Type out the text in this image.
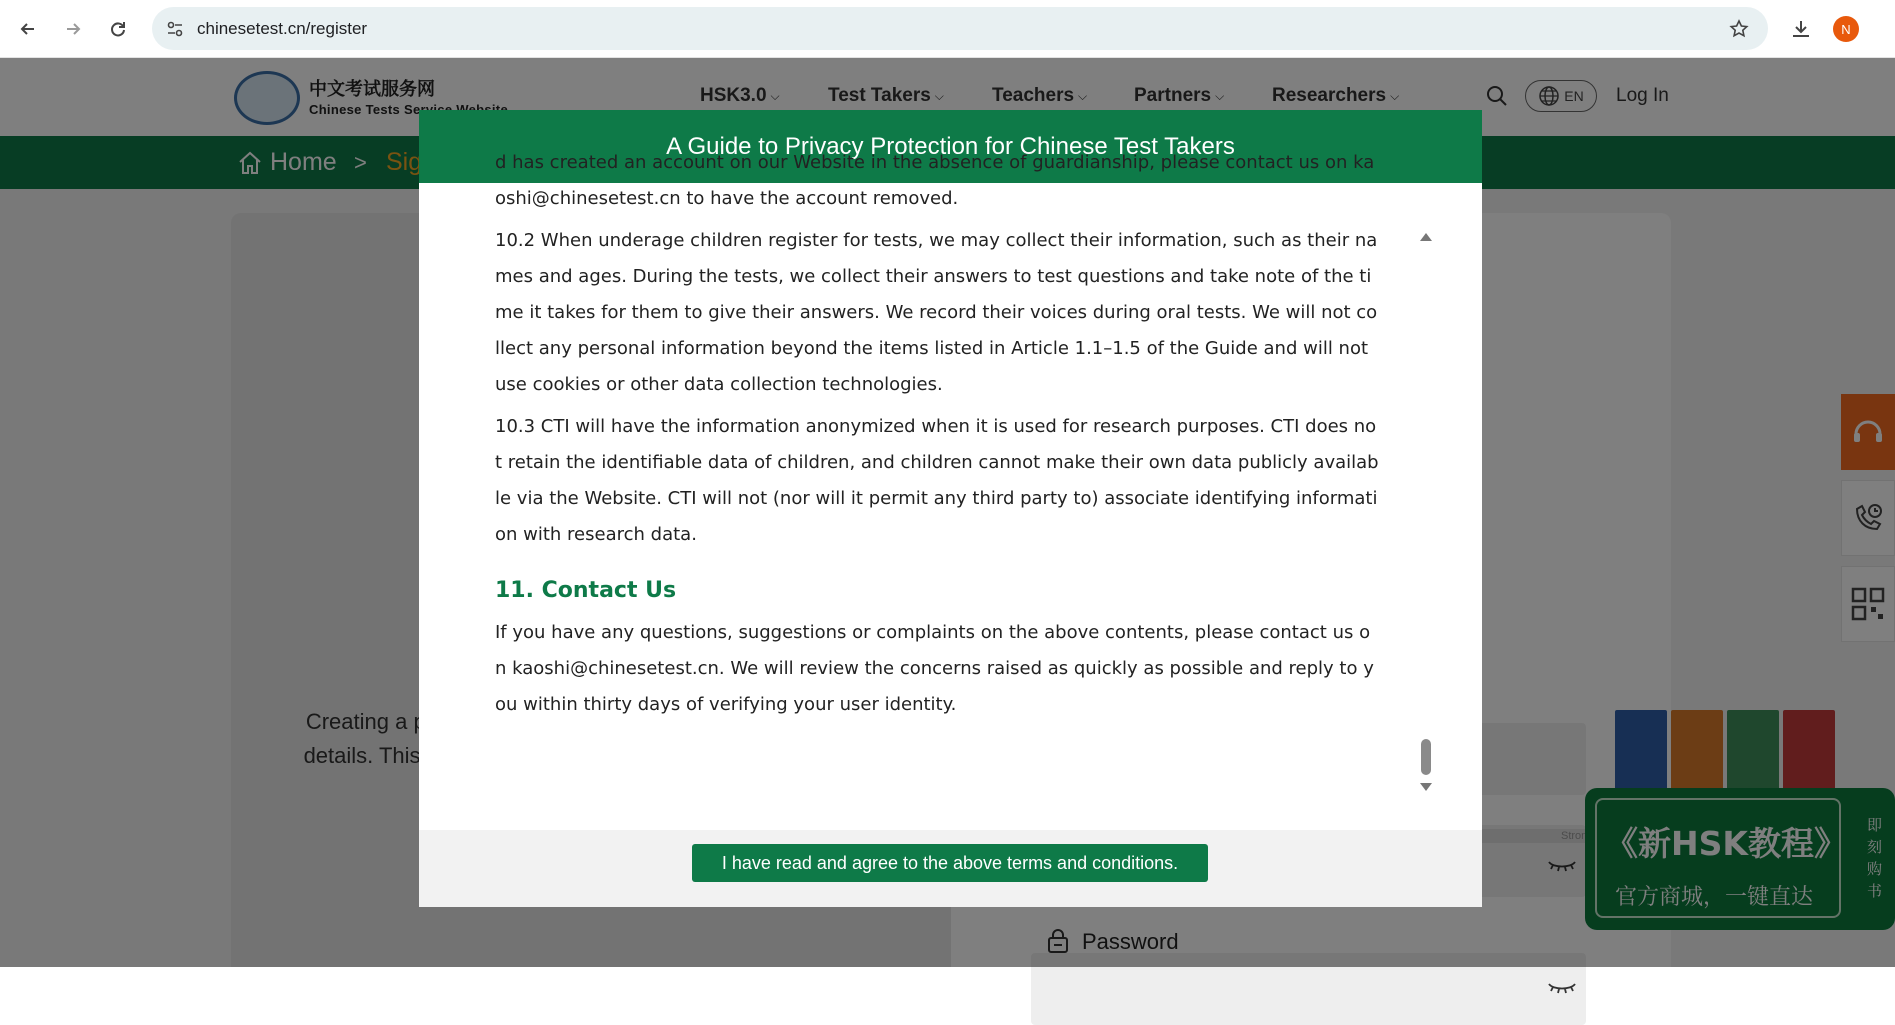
chinesetest.cn/register	N
A Guide to Privacy Protection for Chinese Test Takers

d has created an account on our Website in the absence of guardianship, please contact us on kaoshi@chinesetest.cn to have the account removed.

10.2 When underage children register for tests, we may collect their information, such as their names and ages. During the tests, we collect their answers to test questions and take note of the time it takes for them to give their answers. We record their voices during oral tests. We will not collect any personal information beyond the items listed in Article 1.1–1.5 of the Guide and will not use cookies or other data collection technologies.

10.3 CTI will have the information anonymized when it is used for research purposes. CTI does not retain the identifiable data of children, and children cannot make their own data publicly available via the Website. CTI will not (nor will it permit any third party to) associate identifying information with research data.

11. Contact Us

If you have any questions, suggestions or complaints on the above contents, please contact us on kaoshi@chinesetest.cn. We will review the concerns raised as quickly as possible and reply to you within thirty days of verifying your user identity.

I have read and agree to the above terms and conditions.
